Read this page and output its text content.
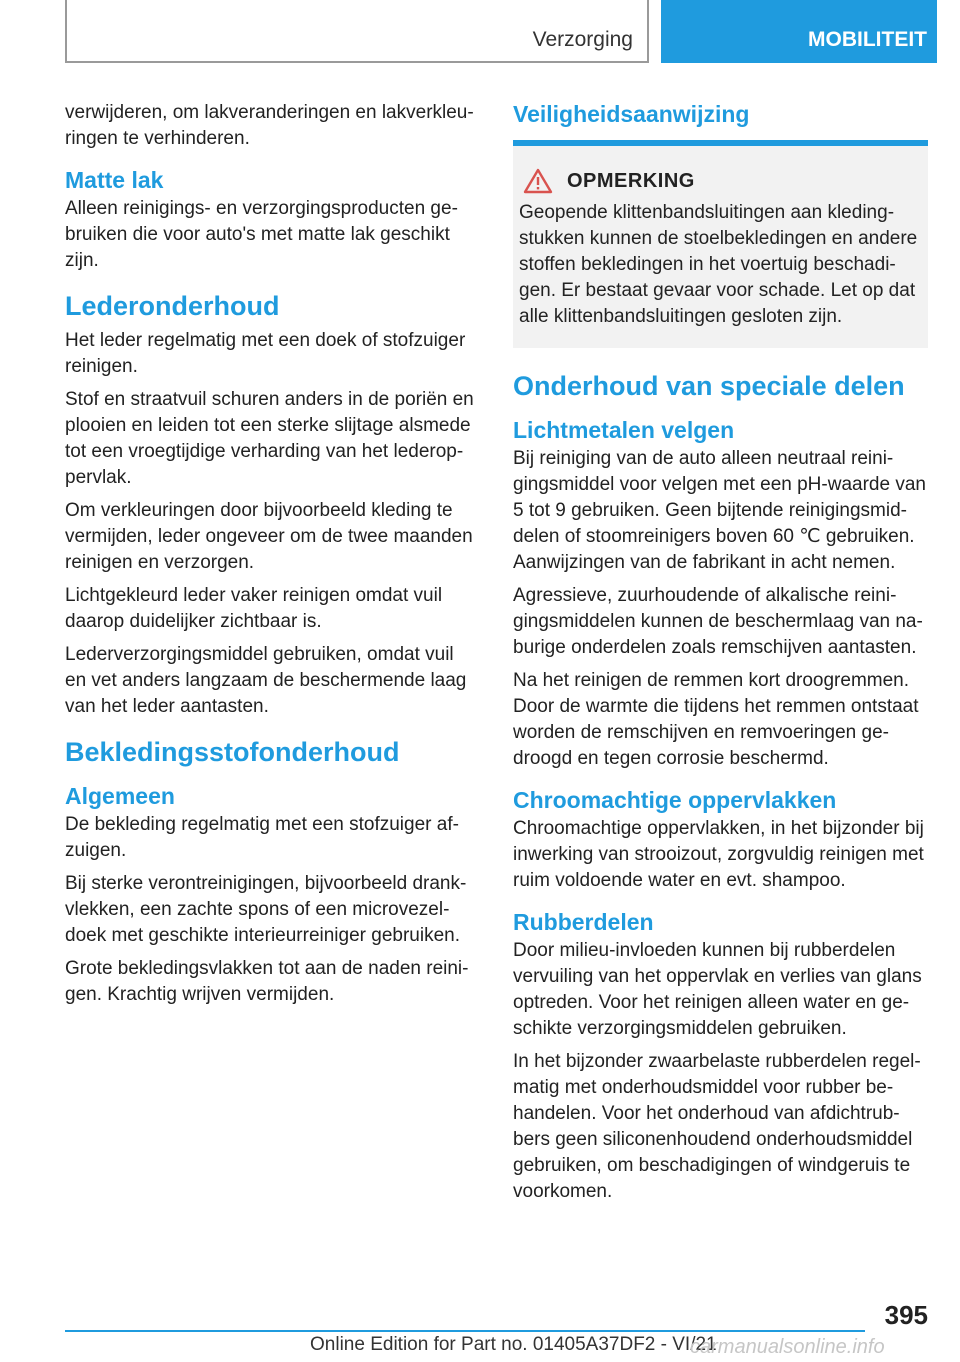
Verzorging	MOBILITEIT

verwijderen, om lakveranderingen en lakverkleuringen te verhinderen.

Matte lak

Alleen reinigings- en verzorgingsproducten gebruiken die voor auto's met matte lak geschikt zijn.

Lederonderhoud

Het leder regelmatig met een doek of stofzuiger reinigen.

Stof en straatvuil schuren anders in de poriën en plooien en leiden tot een sterke slijtage alsmede tot een vroegtijdige verharding van het lederoppervlak.

Om verkleuringen door bijvoorbeeld kleding te vermijden, leder ongeveer om de twee maanden reinigen en verzorgen.

Lichtgekleurd leder vaker reinigen omdat vuil daarop duidelijker zichtbaar is.

Lederverzorgingsmiddel gebruiken, omdat vuil en vet anders langzaam de beschermende laag van het leder aantasten.

Bekledingsstofonderhoud
Algemeen

De bekleding regelmatig met een stofzuiger afzuigen.

Bij sterke verontreinigingen, bijvoorbeeld drankvlekken, een zachte spons of een microvezeldoek met geschikte interieurreiniger gebruiken.

Grote bekledingsvlakken tot aan de naden reinigen. Krachtig wrijven vermijden.

Veiligheidsaanwijzing
OPMERKING

Geopende klittenbandsluitingen aan kledingstukken kunnen de stoelbekledingen en andere stoffen bekledingen in het voertuig beschadigen. Er bestaat gevaar voor schade. Let op dat alle klittenbandsluitingen gesloten zijn.

Onderhoud van speciale delen
Lichtmetalen velgen

Bij reiniging van de auto alleen neutraal reinigingsmiddel voor velgen met een pH-waarde van 5 tot 9 gebruiken. Geen bijtende reinigingsmiddelen of stoomreinigers boven 60 ℃ gebruiken. Aanwijzingen van de fabrikant in acht nemen.

Agressieve, zuurhoudende of alkalische reinigingsmiddelen kunnen de beschermlaag van naburige onderdelen zoals remschijven aantasten.

Na het reinigen de remmen kort droogremmen. Door de warmte die tijdens het remmen ontstaat worden de remschijven en remvoeringen gedroogd en tegen corrosie beschermd.

Chroomachtige oppervlakken

Chroomachtige oppervlakken, in het bijzonder bij inwerking van strooizout, zorgvuldig reinigen met ruim voldoende water en evt. shampoo.

Rubberdelen

Door milieu-invloeden kunnen bij rubberdelen vervuiling van het oppervlak en verlies van glans optreden. Voor het reinigen alleen water en geschikte verzorgingsmiddelen gebruiken.

In het bijzonder zwaarbelaste rubberdelen regelmatig met onderhoudsmiddel voor rubber behandelen. Voor het onderhoud van afdichtrubbers geen siliconenhoudend onderhoudsmiddel gebruiken, om beschadigingen of windgeruis te voorkomen.

395
Online Edition for Part no. 01405A37DF2 - VI/21
carmanualsonline.info
